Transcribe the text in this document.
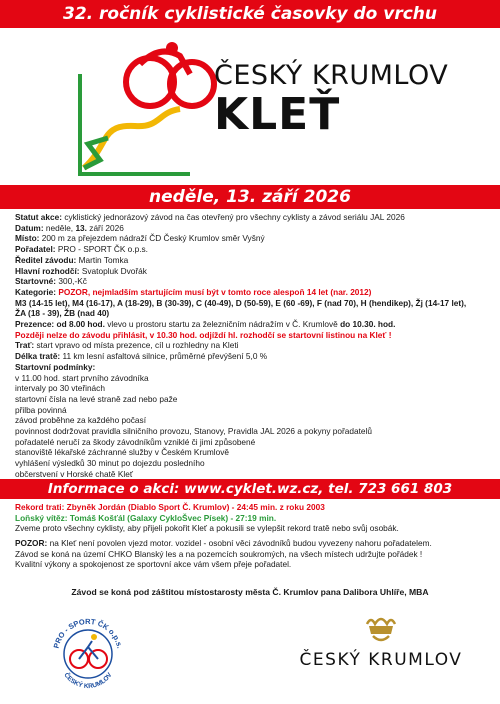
32. ročník cyklistické časovky do vrchu
ČESKÝ KRUMLOV
KLEŤ
neděle, 13. září 2026
Statut akce: cyklistický jednorázový závod na čas otevřený pro všechny cyklisty a závod seriálu JAL 2026
Datum: neděle, 13. září 2026
Místo: 200 m za přejezdem nádraží ČD Český Krumlov směr Vyšný
Pořadatel: PRO - SPORT ČK o.p.s.
Ředitel závodu: Martin Tomka
Hlavní rozhodčí: Svatopluk Dvořák
Startovné: 300,-Kč
Kategorie: POZOR, nejmladším startujícím musí být v tomto roce alespoň 14 let (nar. 2012)
M3 (14-15 let), M4 (16-17), A (18-29), B (30-39), C (40-49), D (50-59), E (60 -69), F (nad 70), H (hendikep), Žj (14-17 let),
ŽA (18 - 39), ŽB (nad 40)
Prezence: od 8.00 hod. vlevo u prostoru startu za železničním nádražím v Č. Krumlově do 10.30. hod.
Později nelze do závodu přihlásit, v 10.30 hod. odjíždí hl. rozhodčí se startovní listinou na Kleť !
Trať: start vpravo od místa prezence, cíl u rozhledny na Kleti
Délka tratě: 11 km lesní asfaltová silnice, průměrné převýšení 5,0 %
Startovní podmínky:
v 11.00 hod. start prvního závodníka
intervaly po 30 vteřinách
startovní čísla na levé straně zad nebo paže
přilba povinná
závod proběhne za každého počasí
povinnost dodržovat pravidla silničního provozu, Stanovy, Pravidla JAL 2026 a pokyny pořadatelů
pořadatelé neručí za škody závodníkům vzniklé či jimi způsobené
stanoviště lékařské záchranné služby v Českém Krumlově
vyhlášení výsledků 30 minut po dojezdu posledního
občerstvení v Horské chatě Kleť
Informace o akci: www.cyklet.wz.cz, tel. 723 661 803
Rekord trati: Zbyněk Jordán (Diablo Sport Č. Krumlov) - 24:45 min. z roku 2003
Loňský vítěz: Tomáš Košťál (Galaxy CykloŠvec Písek) - 27:19 min.
Zveme proto všechny cyklisty, aby přijeli pokořit Kleť a pokusili se vylepšit rekord tratě nebo svůj osobák.
POZOR: na Kleť není povolen vjezd motor. vozidel - osobní věci závodníků budou vyvezeny nahoru pořadatelem.
Závod se koná na území CHKO Blanský les a na pozemcích soukromých, na všech místech udržujte pořádek !
Kvalitní výkony a spokojenost ze sportovní akce vám všem přeje pořadatel.
Závod se koná pod záštitou místostarosty města Č. Krumlov pana Dalibora Uhlíře, MBA
PRO - SPORT ČK o.p.s.
ČESKÝ KRUMLOV
ČESKÝ KRUMLOV
